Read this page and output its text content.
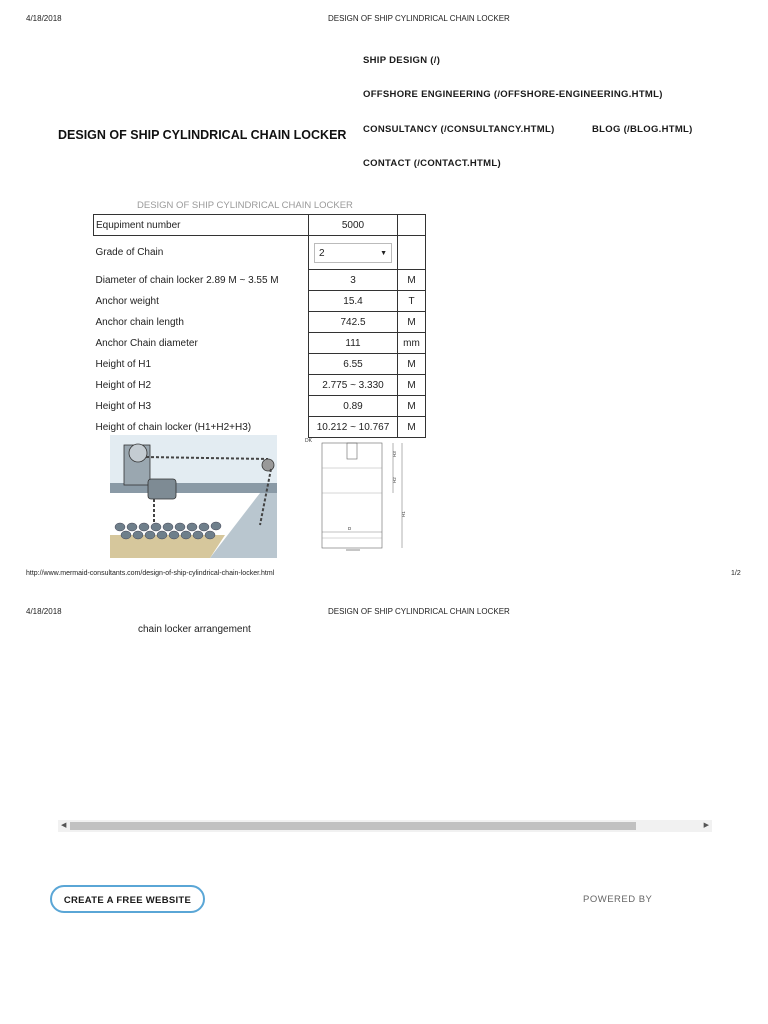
4/18/2018	DESIGN OF SHIP CYLINDRICAL CHAIN LOCKER
SHIP DESIGN (/)
OFFSHORE ENGINEERING (/OFFSHORE-ENGINEERING.HTML)
CONSULTANCY (/CONSULTANCY.HTML)	BLOG (/BLOG.HTML)
CONTACT (/CONTACT.HTML)
DESIGN OF SHIP CYLINDRICAL CHAIN LOCKER
DESIGN OF SHIP CYLINDRICAL CHAIN LOCKER
Equpiment number	5000	
Grade of Chain	2 ▼	

Diameter of chain locker 2.89 M ~ 3.55 M	3	M
Anchor weight	15.4	T
Anchor chain length	742.5	M
Anchor Chain diameter	111	mm
Height of H1	6.55	M
Height of H2	2.775 ~ 3.330	M
Height of H3	0.89	M
Height of chain locker (H1+H2+H3)	10.212 ~ 10.767	M
DK
H3
H2
H1
D
http://www.mermaid-consultants.com/design-of-ship-cylindrical-chain-locker.html	1/2
4/18/2018	DESIGN OF SHIP CYLINDRICAL CHAIN LOCKER
chain locker arrangement
◀	▶
CREATE A FREE WEBSITE	POWERED BY
